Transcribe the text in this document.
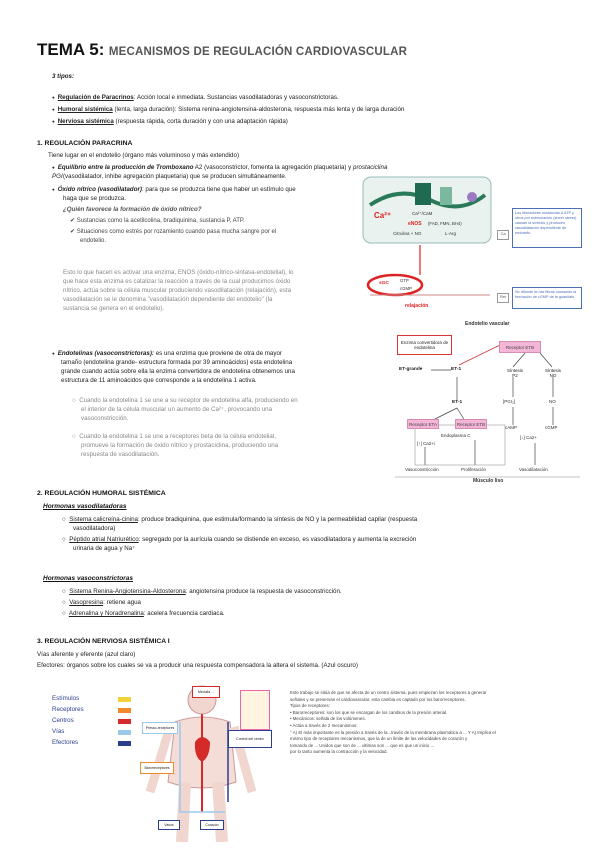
TEMA 5: MECANISMOS DE REGULACIÓN CARDIOVASCULAR
3 tipos:
● Regulación de Paracrinos: Acción local e inmediata. Sustancias vasodilatadoras y vasoconstrictoras.
● Humoral sistémica (lenta, larga duración): Sistema renina-angiotensina-aldosterona, respuesta más lenta y de larga duración
● Nerviosa sistémica (respuesta rápida, corta duración y con una adaptación rápida)
1. REGULACIÓN PARACRINA
Tiene lugar en el endotelio (órgano más voluminoso y más extendido)
● Equilibrio entre la producción de Tromboxano A2 (vasoconstrictor, fomenta la agregación plaquetaria) y prostaciclina PGI (vasodilatador, inhibe agregación plaquetaria) que se producen simultáneamente.
● Óxido nítrico (vasodilatador): para que se produzca tiene que haber un estímulo que
haga que se produzca.
¿Quién favorece la formación de óxido nítrico?
✔ Sustancias como la acetilcolina, bradiquinina, sustancia P, ATP.
✔ Situaciones como estrés por rozamiento cuando pasa mucha sangre por el
endotelio.
Esto lo que hacen es activar una enzima, ENOS (óxido-nítrico-sintasa-endotelial), lo
que hace esta enzima es catalizar la reacción a través de la cual producimos óxido
nítrico, actúa sobre la célula muscular produciendo vasodilatación (relajación), esta
vasodilatación se le denomina "vasodilatación dependiente del endotelio" (la
sustancia se genera en el endotelio).
● Endotelinas (vasoconstrictoras): es una enzima que proviene de otra de mayor
tamaño (endotelina grande- estructura formada por 39 aminoácidos) esta endotelina
grande cuando actúa sobre ella la enzima convertidora de endotelina obtenemos una
estructura de 11 aminoácidos que corresponde a la endotelina 1 activa.
○  Cuando la endotelina 1 se une a su receptor de endotelina alfa, produciendo en
el interior de la célula muscular un aumento de Ca²⁺, provocando una
vasoconstricción.
○  Cuando la endotelina 1 se une a receptores beta de la célula endotelial,
promueve la formación de óxido nítrico y prostaciclina, produciendo una
respuesta de vasodilatación.
Ca²⁺	Ca²⁺/CaM
eNOS (FAD, FMN, BH4)
Citrulina + NO	L-Arg
sGC
GTP
cGMP
relajación
Ca
Rel
Los liberadores sustancias A ATP y otros por estimulación (sheer stress) causan la síntesis y producen vasodilatación dependiente de endotelio
Se difunde en las fibras causando la formación de cGMP de la guanilato
Endotelio vascular
Enzima convertidora de endotelina
ET-grande	ET-1
Receptor ETB
Síntesis P2
Síntesis NO
ET-1
Receptor ETA	Receptor ETB
Endoplasma C
[↑] Ca2+i
[PGI₂]	NO
cAMP	cGMP
[↓] Ca2+
Vasoconstricción	Proliferación	Vasodilatación
Músculo liso
2. REGULACIÓN HUMORAL SISTÉMICA
Hormonas vasodilatadoras
○  Sistema calicreína-cinina: produce bradiquinina, que estimula/formando la síntesis de NO y la permeabilidad capilar (respuesta
vasodilatadora)
○  Péptido atrial Natriurético: segregado por la aurícula cuando se distiende en exceso, es vasodilatadora y aumenta la excreción
urinaria de agua y Na⁺
Hormonas vasoconstrictoras
○  Sistema Renina-Angiotensina-Aldosterona: angiotensina produce la respuesta de vasoconstricción.
○  Vasopresina: retiene agua
○  Adrenalina y Noradrenalina: acelera frecuencia cardiaca.
3. REGULACIÓN NERVIOSA SISTÉMICA I
Vías aferente y eferente (azul claro)
Efectores: órganos sobre los cuales se va a producir una respuesta compensadora la altera el sistema. (Azul oscuro)
Estímulos
Receptores
Centros
Vías
Efectores
Medulla ...
Presso-receptores
Barorreceptores
Control del centro
Vasos	Corazón
Este trabajo se sitúa de que se afecta de un centro sistema, pues empiezan los receptores a generar
señales y se preservan el cardiovascular, esta cambia es captado por los barorreceptores.
Tipos de receptores:
• Barorreceptores: son los que se encargan de los cambios de la presión arterial.
• Mecánicos: señala de los volúmenes.
• Actúa a través de 2 mecanismos:
° A) El más importante es la presión a través de la...través de la membrana plasmática a ... Y A) Implica el
mismo tipo de receptores mecanismos, que la de un límite de las velocidades de corazón y
tomando de ... Unidos que son de ... ultimas son ... que es que un inicio ...
por lo tanto aumenta la contracción y la velocidad.
